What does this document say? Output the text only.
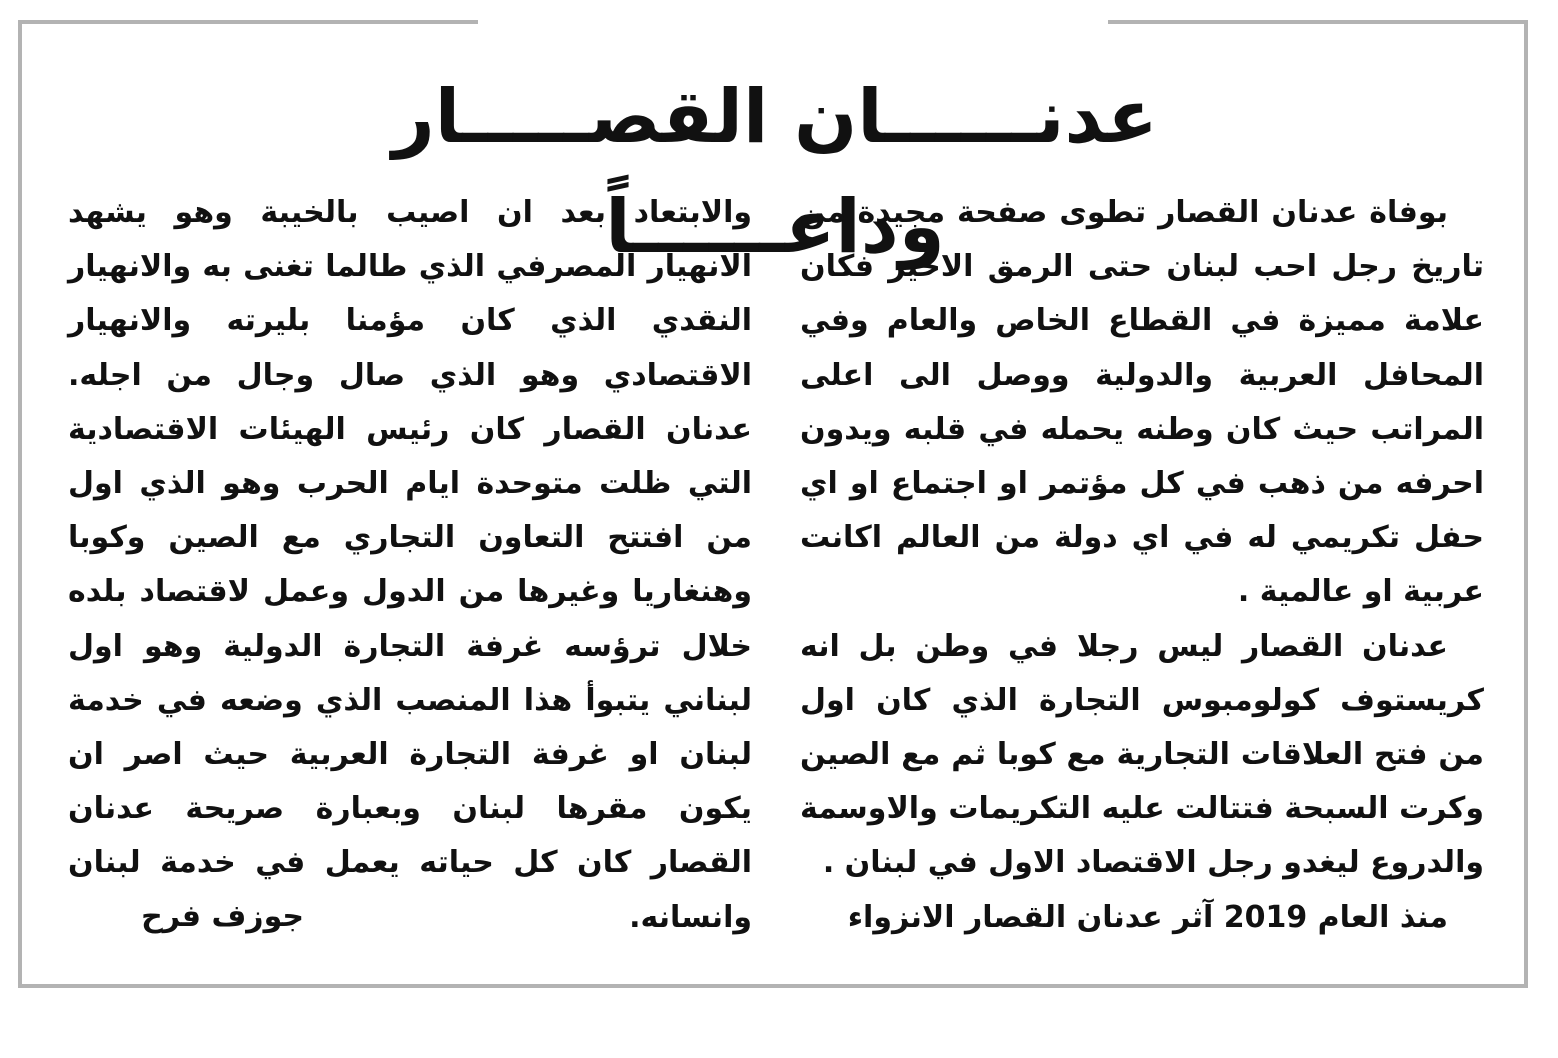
عدنــــــان القصـــــار وداعــــــاً

بوفاة عدنان القصار تطوى صفحة مجيدة من تاريخ رجل احب لبنان حتى الرمق الاخير فكان علامة مميزة في القطاع الخاص والعام وفي المحافل العربية والدولية ووصل الى اعلى المراتب حيث كان وطنه يحمله في قلبه ويدون احرفه من ذهب في كل مؤتمر او اجتماع او اي حفل تكريمي له في اي دولة من العالم اكانت عربية او عالمية .

عدنان القصار ليس رجلا في وطن بل انه كريستوف كولومبوس التجارة الذي كان اول من فتح العلاقات التجارية مع كوبا ثم مع الصين وكرت السبحة فتتالت عليه التكريمات والاوسمة والدروع ليغدو رجل الاقتصاد الاول في لبنان .

منذ العام 2019 آثر عدنان القصار الانزواء

والابتعاد بعد ان اصيب بالخيبة وهو يشهد الانهيار المصرفي الذي طالما تغنى به والانهيار النقدي الذي كان مؤمنا بليرته والانهيار الاقتصادي وهو الذي صال وجال من اجله. عدنان القصار كان رئيس الهيئات الاقتصادية التي ظلت متوحدة ايام الحرب وهو الذي اول من افتتح التعاون التجاري مع الصين وكوبا وهنغاريا وغيرها من الدول وعمل لاقتصاد بلده خلال ترؤسه غرفة التجارة الدولية وهو اول لبناني يتبوأ هذا المنصب الذي وضعه في خدمة لبنان او غرفة التجارة العربية حيث اصر ان يكون مقرها لبنان وبعبارة صريحة عدنان القصار كان كل حياته يعمل في خدمة لبنان وانسانه.

جوزف فرح
